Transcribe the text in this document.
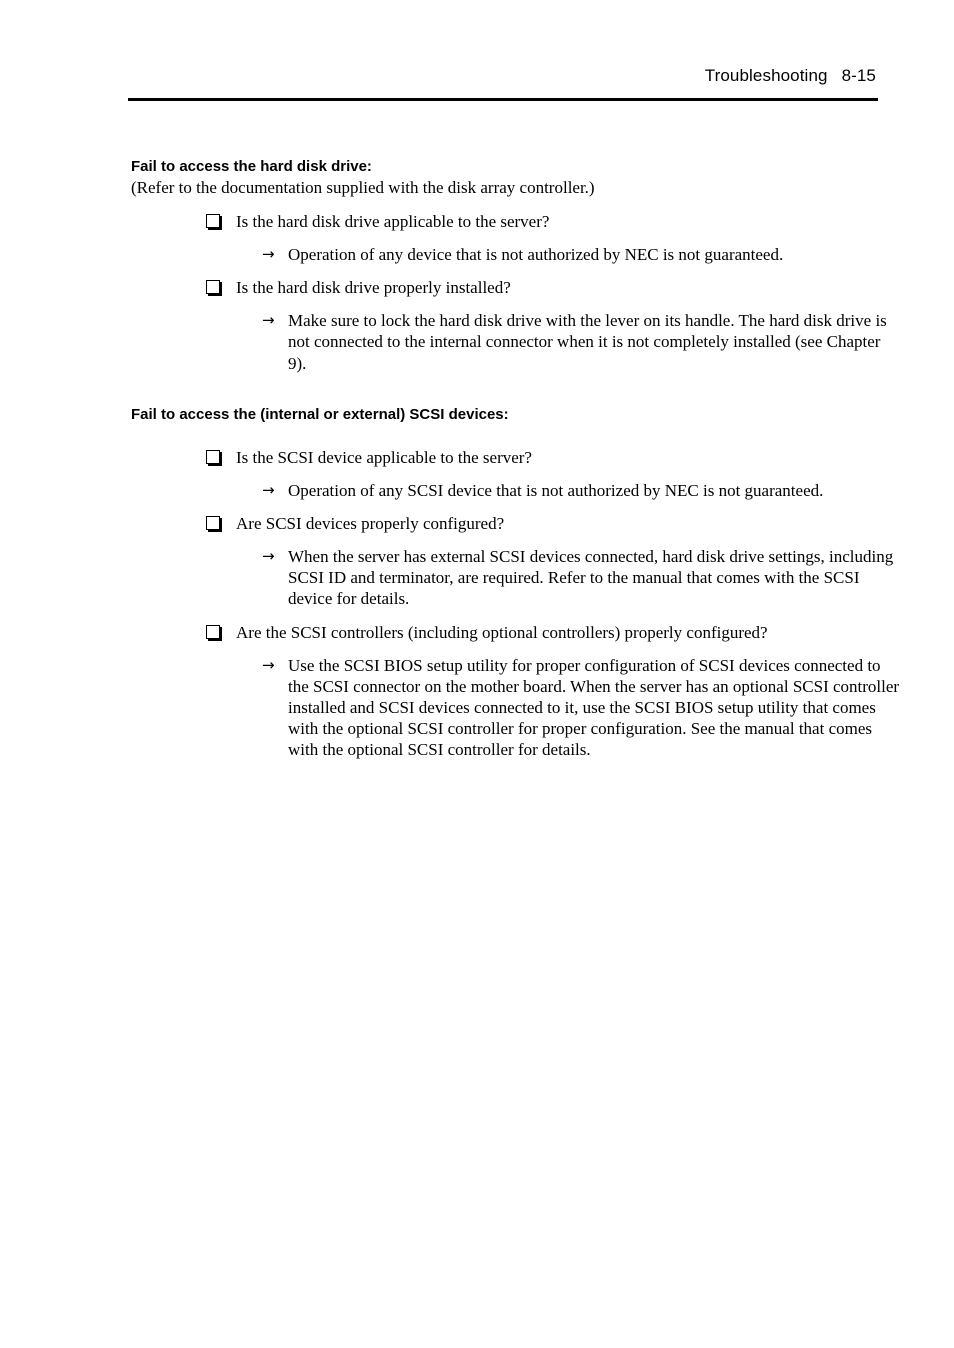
Troubleshooting 8-15

Fail to access the hard disk drive:

(Refer to the documentation supplied with the disk array controller.)

Is the hard disk drive applicable to the server?
→ Operation of any device that is not authorized by NEC is not guaranteed.
Is the hard disk drive properly installed?
→ Make sure to lock the hard disk drive with the lever on its handle. The hard disk drive is not connected to the internal connector when it is not completely installed (see Chapter 9).

Fail to access the (internal or external) SCSI devices:

Is the SCSI device applicable to the server?
→ Operation of any SCSI device that is not authorized by NEC is not guaranteed.
Are SCSI devices properly configured?
→ When the server has external SCSI devices connected, hard disk drive settings, including SCSI ID and terminator, are required. Refer to the manual that comes with the SCSI device for details.
Are the SCSI controllers (including optional controllers) properly configured?
→ Use the SCSI BIOS setup utility for proper configuration of SCSI devices connected to the SCSI connector on the mother board. When the server has an optional SCSI controller installed and SCSI devices connected to it, use the SCSI BIOS setup utility that comes with the optional SCSI controller for proper configuration. See the manual that comes with the optional SCSI controller for details.
